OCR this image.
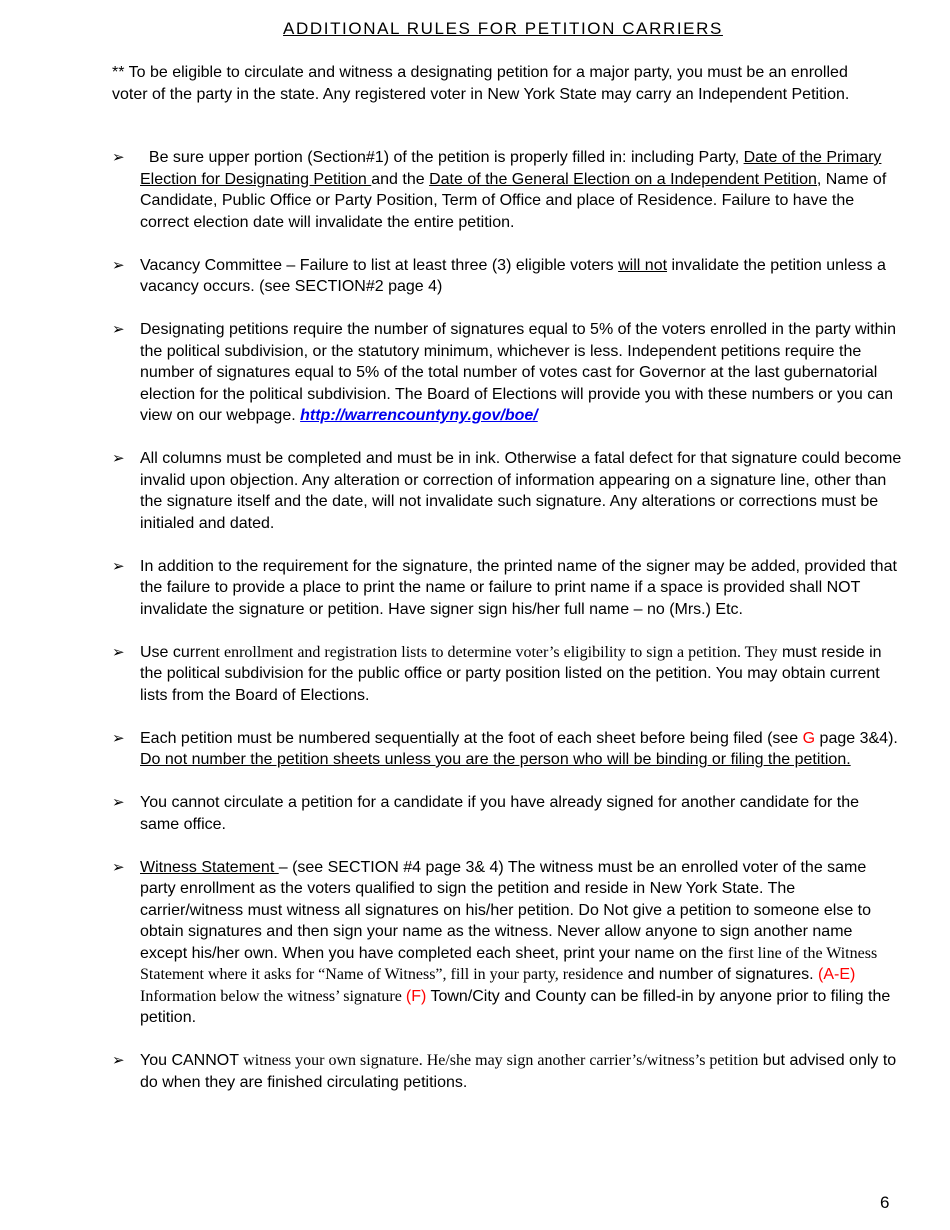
ADDITIONAL RULES FOR PETITION CARRIERS

** To be eligible to circulate and witness a designating petition for a major party, you must be an enrolled voter of the party in the state. Any registered voter in New York State may carry an Independent Petition.

➢ Be sure upper portion (Section#1) of the petition is properly filled in: including Party, Date of the Primary Election for Designating Petition and the Date of the General Election on a Independent Petition, Name of Candidate, Public Office or Party Position, Term of Office and place of Residence. Failure to have the correct election date will invalidate the entire petition.
➢ Vacancy Committee – Failure to list at least three (3) eligible voters will not invalidate the petition unless a vacancy occurs. (see SECTION#2 page 4)
➢ Designating petitions require the number of signatures equal to 5% of the voters enrolled in the party within the political subdivision, or the statutory minimum, whichever is less. Independent petitions require the number of signatures equal to 5% of the total number of votes cast for Governor at the last gubernatorial election for the political subdivision. The Board of Elections will provide you with these numbers or you can view on our webpage. http://warrencountyny.gov/boe/
➢ All columns must be completed and must be in ink. Otherwise a fatal defect for that signature could become invalid upon objection. Any alteration or correction of information appearing on a signature line, other than the signature itself and the date, will not invalidate such signature. Any alterations or corrections must be initialed and dated.
➢ In addition to the requirement for the signature, the printed name of the signer may be added, provided that the failure to provide a place to print the name or failure to print name if a space is provided shall NOT invalidate the signature or petition. Have signer sign his/her full name – no (Mrs.) Etc.
➢ Use current enrollment and registration lists to determine voter’s eligibility to sign a petition. They must reside in the political subdivision for the public office or party position listed on the petition. You may obtain current lists from the Board of Elections.
➢ Each petition must be numbered sequentially at the foot of each sheet before being filed (see G page 3&4). Do not number the petition sheets unless you are the person who will be binding or filing the petition.
➢ You cannot circulate a petition for a candidate if you have already signed for another candidate for the same office.
➢ Witness Statement – (see SECTION #4 page 3& 4) The witness must be an enrolled voter of the same party enrollment as the voters qualified to sign the petition and reside in New York State. The carrier/witness must witness all signatures on his/her petition. Do Not give a petition to someone else to obtain signatures and then sign your name as the witness. Never allow anyone to sign another name except his/her own. When you have completed each sheet, print your name on the first line of the Witness Statement where it asks for “Name of Witness”, fill in your party, residence and number of signatures. (A-E) Information below the witness’ signature (F) Town/City and County can be filled-in by anyone prior to filing the petition.
➢ You CANNOT witness your own signature. He/she may sign another carrier’s/witness’s petition but advised only to do when they are finished circulating petitions.
6
